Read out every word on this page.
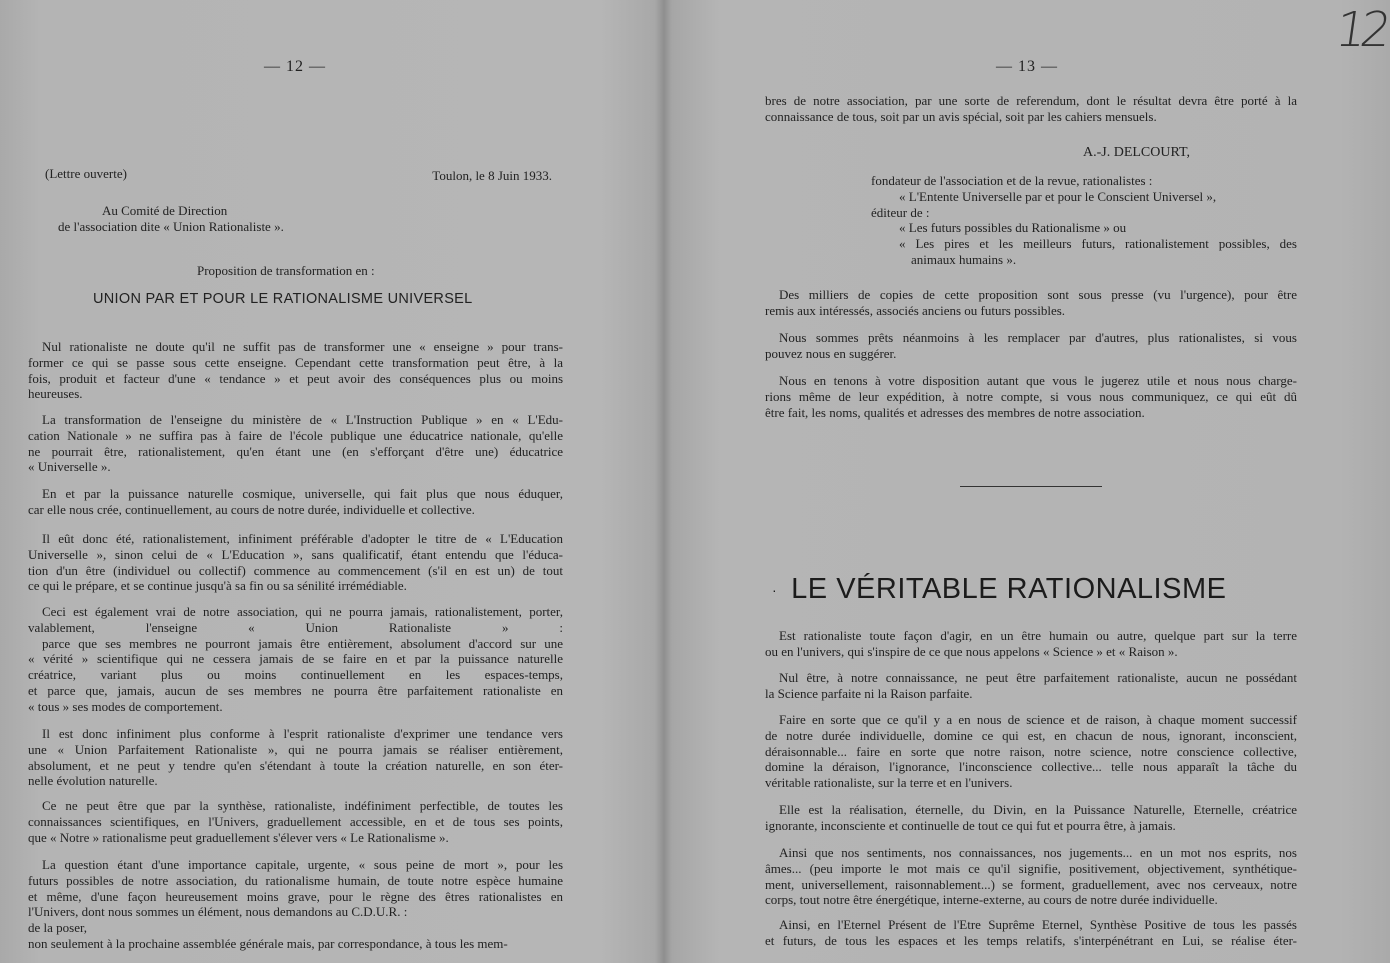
12
— 12 —
(Lettre ouverte)	Toulon, le 8 Juin 1933.
Au Comité de Direction
de l'association dite « Union Rationaliste ».
Proposition de transformation en :
UNION PAR ET POUR LE RATIONALISME UNIVERSEL
— 13 —
A.-J. DELCOURT,
· LE VÉRITABLE RATIONALISME
Nul rationaliste ne doute qu'il ne suffit pas de transformer une « enseigne » pour trans-
former ce qui se passe sous cette enseigne. Cependant cette transformation peut être, à la
fois, produit et facteur d'une « tendance » et peut avoir des conséquences plus ou moins
heureuses.
La transformation de l'enseigne du ministère de « L'Instruction Publique » en « L'Edu-
cation Nationale » ne suffira pas à faire de l'école publique une éducatrice nationale, qu'elle
ne pourrait être, rationalistement, qu'en étant une (en s'efforçant d'être une) éducatrice
« Universelle ».
En et par la puissance naturelle cosmique, universelle, qui fait plus que nous éduquer,
car elle nous crée, continuellement, au cours de notre durée, individuelle et collective.
Il eût donc été, rationalistement, infiniment préférable d'adopter le titre de « L'Education
Universelle », sinon celui de « L'Education », sans qualificatif, étant entendu que l'éduca-
tion d'un être (individuel ou collectif) commence au commencement (s'il en est un) de tout
ce qui le prépare, et se continue jusqu'à sa fin ou sa sénilité irrémédiable.
Ceci est également vrai de notre association, qui ne pourra jamais, rationalistement, porter,
valablement, l'enseigne « Union Rationaliste » :
parce que ses membres ne pourront jamais être entièrement, absolument d'accord sur une
« vérité » scientifique qui ne cessera jamais de se faire en et par la puissance naturelle
créatrice, variant plus ou moins continuellement en les espaces-temps,
et parce que, jamais, aucun de ses membres ne pourra être parfaitement rationaliste en
« tous » ses modes de comportement.
Il est donc infiniment plus conforme à l'esprit rationaliste d'exprimer une tendance vers
une « Union Parfaitement Rationaliste », qui ne pourra jamais se réaliser entièrement,
absolument, et ne peut y tendre qu'en s'étendant à toute la création naturelle, en son éter-
nelle évolution naturelle.
Ce ne peut être que par la synthèse, rationaliste, indéfiniment perfectible, de toutes les
connaissances scientifiques, en l'Univers, graduellement accessible, en et de tous ses points,
que « Notre » rationalisme peut graduellement s'élever vers « Le Rationalisme ».
La question étant d'une importance capitale, urgente, « sous peine de mort », pour les
futurs possibles de notre association, du rationalisme humain, de toute notre espèce humaine
et même, d'une façon heureusement moins grave, pour le règne des êtres rationalistes en
l'Univers, dont nous sommes un élément, nous demandons au C.D.U.R. :
de la poser,
non seulement à la prochaine assemblée générale mais, par correspondance, à tous les mem-
bres de notre association, par une sorte de referendum, dont le résultat devra être porté à la
connaissance de tous, soit par un avis spécial, soit par les cahiers mensuels.
fondateur de l'association et de la revue, rationalistes :
« L'Entente Universelle par et pour le Conscient Universel »,
éditeur de :
« Les futurs possibles du Rationalisme » ou
« Les pires et les meilleurs futurs, rationalistement possibles, des
animaux humains ».
Des milliers de copies de cette proposition sont sous presse (vu l'urgence), pour être
remis aux intéressés, associés anciens ou futurs possibles.
Nous sommes prêts néanmoins à les remplacer par d'autres, plus rationalistes, si vous
pouvez nous en suggérer.
Nous en tenons à votre disposition autant que vous le jugerez utile et nous nous charge-
rions même de leur expédition, à notre compte, si vous nous communiquez, ce qui eût dû
être fait, les noms, qualités et adresses des membres de notre association.
Est rationaliste toute façon d'agir, en un être humain ou autre, quelque part sur la terre
ou en l'univers, qui s'inspire de ce que nous appelons « Science » et « Raison ».
Nul être, à notre connaissance, ne peut être parfaitement rationaliste, aucun ne possédant
la Science parfaite ni la Raison parfaite.
Faire en sorte que ce qu'il y a en nous de science et de raison, à chaque moment successif
de notre durée individuelle, domine ce qui est, en chacun de nous, ignorant, inconscient,
déraisonnable... faire en sorte que notre raison, notre science, notre conscience collective,
domine la déraison, l'ignorance, l'inconscience collective... telle nous apparaît la tâche du
véritable rationaliste, sur la terre et en l'univers.
Elle est la réalisation, éternelle, du Divin, en la Puissance Naturelle, Eternelle, créatrice
ignorante, inconsciente et continuelle de tout ce qui fut et pourra être, à jamais.
Ainsi que nos sentiments, nos connaissances, nos jugements... en un mot nos esprits, nos
âmes... (peu importe le mot mais ce qu'il signifie, positivement, objectivement, synthétique-
ment, universellement, raisonnablement...) se forment, graduellement, avec nos cerveaux, notre
corps, tout notre être énergétique, interne-externe, au cours de notre durée individuelle.
Ainsi, en l'Eternel Présent de l'Etre Suprême Eternel, Synthèse Positive de tous les passés
et futurs, de tous les espaces et les temps relatifs, s'interpénétrant en Lui, se réalise éter-
